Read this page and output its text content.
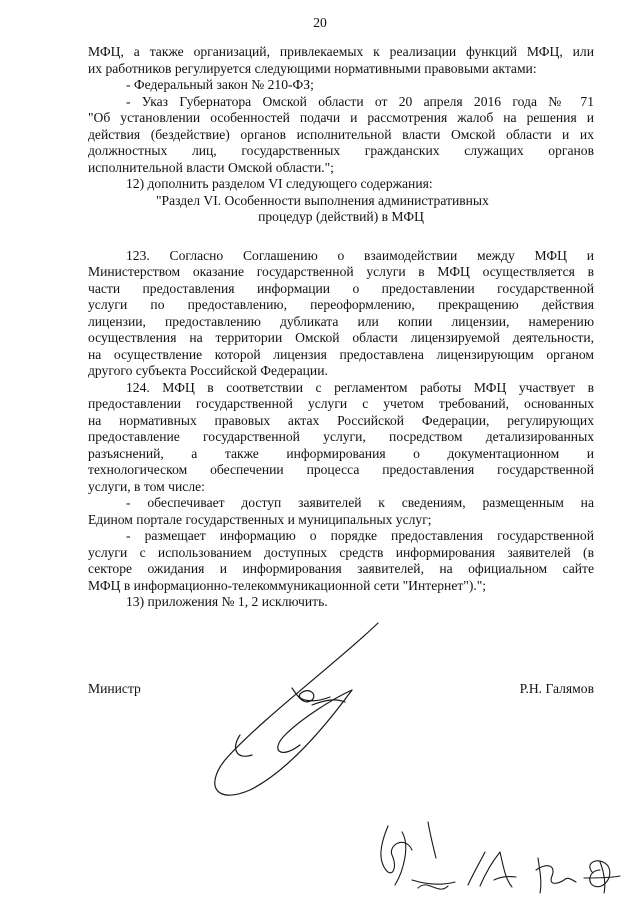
20

МФЦ, а также организаций, привлекаемых к реализации функций МФЦ, или

их работников регулируется следующими нормативными правовыми актами:

- Федеральный закон № 210-ФЗ;

- Указ Губернатора Омской области от 20 апреля 2016 года № 71

"Об установлении особенностей подачи и рассмотрения жалоб на решения и

действия (бездействие) органов исполнительной власти Омской области и их

должностных лиц, государственных гражданских служащих органов

исполнительной власти Омской области.";

12) дополнить разделом VI следующего содержания:

"Раздел VI. Особенности выполнения административных

процедур (действий) в МФЦ

123. Согласно Соглашению о взаимодействии между МФЦ и

Министерством оказание государственной услуги в МФЦ осуществляется в

части предоставления информации о предоставлении государственной

услуги по предоставлению, переоформлению, прекращению действия

лицензии, предоставлению дубликата или копии лицензии, намерению

осуществления на территории Омской области лицензируемой деятельности,

на осуществление которой лицензия предоставлена лицензирующим органом

другого субъекта Российской Федерации.

124. МФЦ в соответствии с регламентом работы МФЦ участвует в

предоставлении государственной услуги с учетом требований, основанных

на нормативных правовых актах Российской Федерации, регулирующих

предоставление государственной услуги, посредством детализированных

разъяснений, а также информирования о документационном и

технологическом обеспечении процесса предоставления государственной

услуги, в том числе:

- обеспечивает доступ заявителей к сведениям, размещенным на

Едином портале государственных и муниципальных услуг;

- размещает информацию о порядке предоставления государственной

услуги с использованием доступных средств информирования заявителей (в

секторе ожидания и информирования заявителей, на официальном сайте

МФЦ в информационно-телекоммуникационной сети "Интернет").";

13) приложения № 1, 2 исключить.

Министр	Р.Н. Галямов
